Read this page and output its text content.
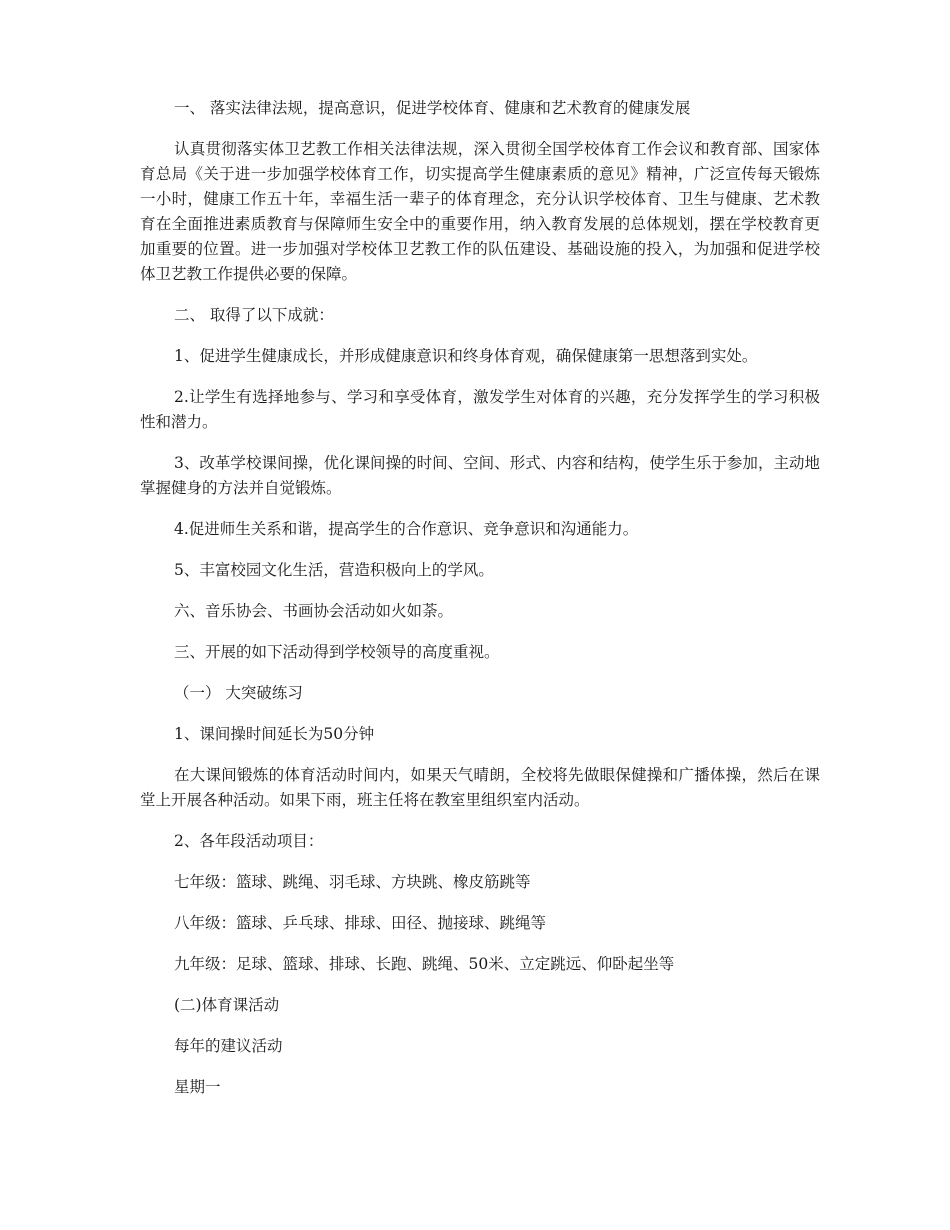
一、 落实法律法规，提高意识，促进学校体育、健康和艺术教育的健康发展

认真贯彻落实体卫艺教工作相关法律法规，深入贯彻全国学校体育工作会议和教育部、国家体育总局《关于进一步加强学校体育工作，切实提高学生健康素质的意见》精神，广泛宣传每天锻炼一小时，健康工作五十年，幸福生活一辈子的体育理念，充分认识学校体育、卫生与健康、艺术教育在全面推进素质教育与保障师生安全中的重要作用，纳入教育发展的总体规划，摆在学校教育更加重要的位置。进一步加强对学校体卫艺教工作的队伍建设、基础设施的投入，为加强和促进学校体卫艺教工作提供必要的保障。

二、 取得了以下成就：

1、促进学生健康成长，并形成健康意识和终身体育观，确保健康第一思想落到实处。

2.让学生有选择地参与、学习和享受体育，激发学生对体育的兴趣，充分发挥学生的学习积极性和潜力。

3、改革学校课间操，优化课间操的时间、空间、形式、内容和结构，使学生乐于参加，主动地掌握健身的方法并自觉锻炼。

4.促进师生关系和谐，提高学生的合作意识、竞争意识和沟通能力。

5、丰富校园文化生活，营造积极向上的学风。

六、音乐协会、书画协会活动如火如荼。

三、开展的如下活动得到学校领导的高度重视。

（一） 大突破练习

1、课间操时间延长为50分钟

在大课间锻炼的体育活动时间内，如果天气晴朗，全校将先做眼保健操和广播体操，然后在课堂上开展各种活动。如果下雨，班主任将在教室里组织室内活动。

2、各年段活动项目：

七年级：篮球、跳绳、羽毛球、方块跳、橡皮筋跳等

八年级：篮球、乒乓球、排球、田径、抛接球、跳绳等

九年级：足球、篮球、排球、长跑、跳绳、50米、立定跳远、仰卧起坐等

(二)体育课活动

每年的建议活动

星期一
